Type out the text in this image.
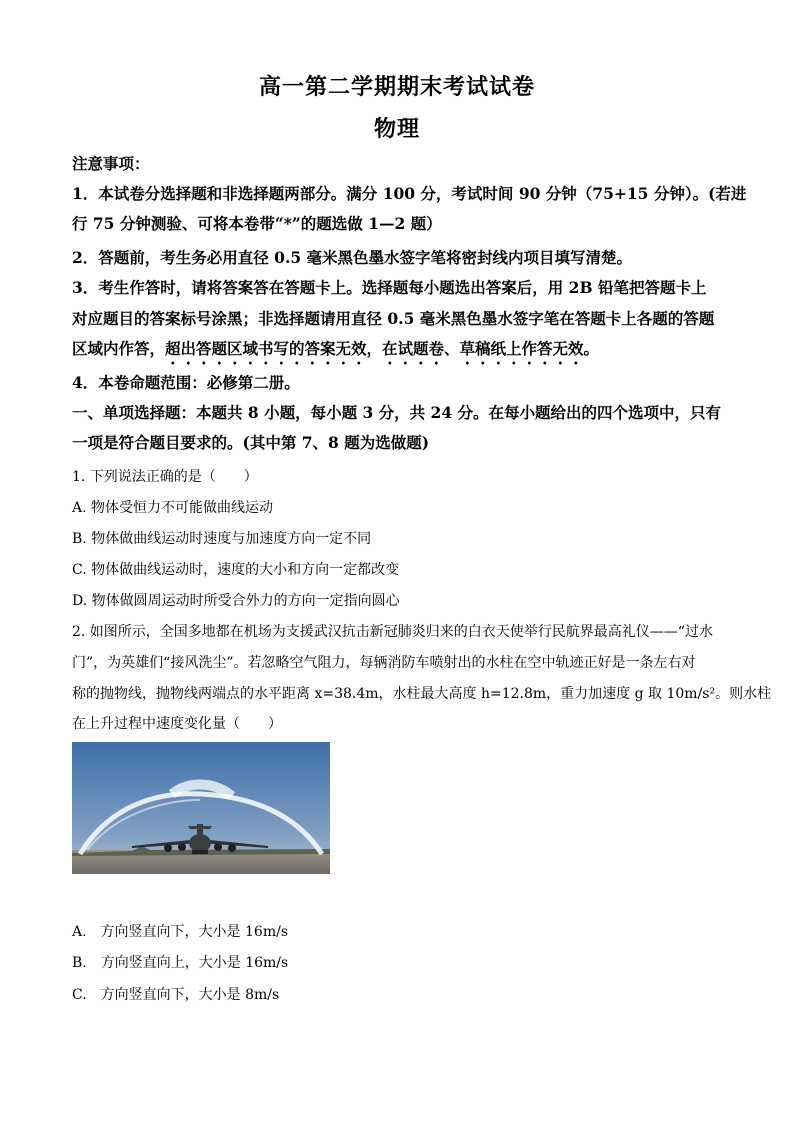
高一第二学期期末考试试卷
物理
注意事项：
1．本试卷分选择题和非选择题两部分。满分 100 分，考试时间 90 分钟（75+15 分钟）。(若进
行 75 分钟测验、可将本卷带“*”的题选做 1—2 题）
2．答题前，考生务必用直径 0.5 毫米黑色墨水签字笔将密封线内项目填写清楚。
3．考生作答时，请将答案答在答题卡上。选择题每小题选出答案后，用 2B 铅笔把答题卡上
对应题目的答案标号涂黑；非选择题请用直径 0.5 毫米黑色墨水签字笔在答题卡上各题的答题
区域内作答，超出答题区域书写的答案无效，在试题卷、草稿纸上作答无效。
4．本卷命题范围：必修第二册。
一、单项选择题：本题共 8 小题，每小题 3 分，共 24 分。在每小题给出的四个选项中，只有
一项是符合题目要求的。(其中第 7、8 题为选做题)
1. 下列说法正确的是（　　）
A. 物体受恒力不可能做曲线运动
B. 物体做曲线运动时速度与加速度方向一定不同
C. 物体做曲线运动时，速度的大小和方向一定都改变
D. 物体做圆周运动时所受合外力的方向一定指向圆心
2. 如图所示，全国多地都在机场为支援武汉抗击新冠肺炎归来的白衣天使举行民航界最高礼仪——“过水
门”，为英雄们“接风洗尘”。若忽略空气阻力，每辆消防车喷射出的水柱在空中轨迹正好是一条左右对
称的抛物线，抛物线两端点的水平距离 x=38.4m，水柱最大高度 h=12.8m，重力加速度 g 取 10m/s²。则水柱
在上升过程中速度变化量（　　）
A.　方向竖直向下，大小是 16m/s
B.　方向竖直向上，大小是 16m/s
C.　方向竖直向下，大小是 8m/s
